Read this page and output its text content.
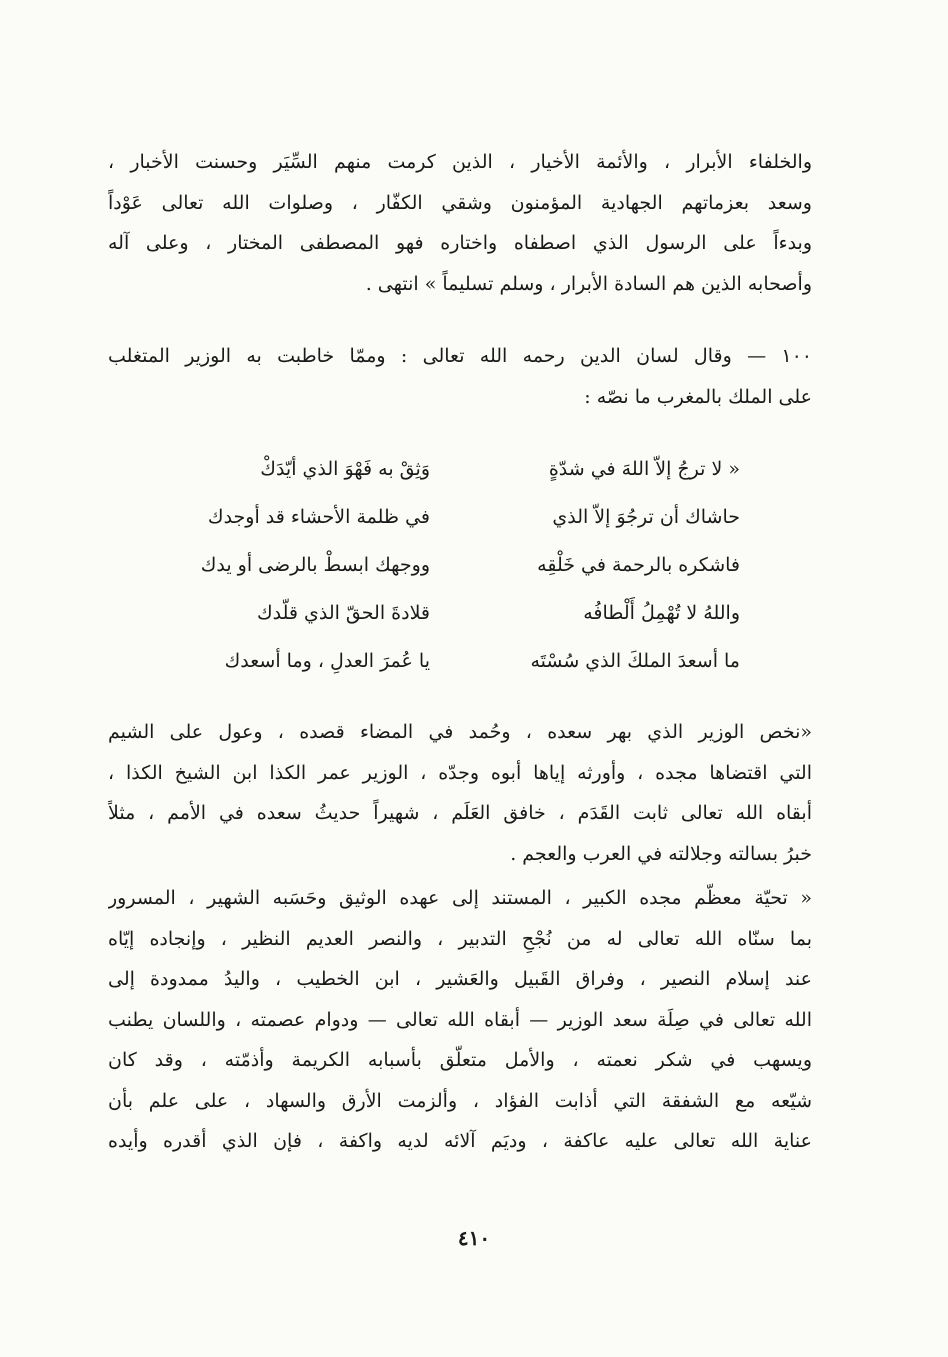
والخلفاء الأبرار ، والأئمة الأخيار ، الذين كرمت منهم السِّيَر وحسنت الأخبار ،
وسعد بعزماتهم الجهادية المؤمنون وشقي الكفّار ، وصلوات الله تعالى عَوْداً
وبدءاً على الرسول الذي اصطفاه واختاره فهو المصطفى المختار ، وعلى آله
وأصحابه الذين هم السادة الأبرار ، وسلم تسليماً » انتهى .
١٠٠ — وقال لسان الدين رحمه الله تعالى : وممّا خاطبت به الوزير المتغلب
على الملك بالمغرب ما نصّه :
« لا ترجُ إلاّ اللهَ في شدّةٍ
وَثِقْ به فَهْوَ الذي أيّدَكْ
حاشاك أن ترجُوَ إلاّ الذي
في ظلمة الأحشاء قد أوجدك
فاشكره بالرحمة في خَلْقِه
ووجهك ابسطْ بالرضى أو يدك
واللهُ لا تُهْمِلُ أَلْطافُه
قلادةَ الحقّ الذي قلّدك
ما أسعدَ الملكَ الذي سُسْتَه
يا عُمرَ العدلِ ، وما أسعدك
«نخص الوزير الذي بهر سعده ، وحُمد في المضاء قصده ، وعول على الشيم
التي اقتضاها مجده ، وأورثه إياها أبوه وجدّه ، الوزير عمر الكذا ابن الشيخ الكذا ،
أبقاه الله تعالى ثابت القَدَم ، خافق العَلَم ، شهيراً حديثُ سعده في الأمم ، مثلاً
خبرُ بسالته وجلالته في العرب والعجم .
« تحيّة معظّم مجده الكبير ، المستند إلى عهده الوثيق وحَسَبه الشهير ، المسرور
بما سنّاه الله تعالى له من نُجْحِ التدبير ، والنصر العديم النظير ، وإنجاده إيّاه
عند إسلام النصير ، وفراق القَبيل والعَشير ، ابن الخطيب ، واليدُ ممدودة إلى
الله تعالى في صِلَة سعد الوزير — أبقاه الله تعالى — ودوام عصمته ، واللسان يطنب
ويسهب في شكر نعمته ، والأمل متعلّق بأسبابه الكريمة وأذمّته ، وقد كان
شيّعه مع الشفقة التي أذابت الفؤاد ، وألزمت الأرق والسهاد ، على علم بأن
عناية الله تعالى عليه عاكفة ، وديَم آلائه لديه واكفة ، فإن الذي أقدره وأيده
٤١٠
